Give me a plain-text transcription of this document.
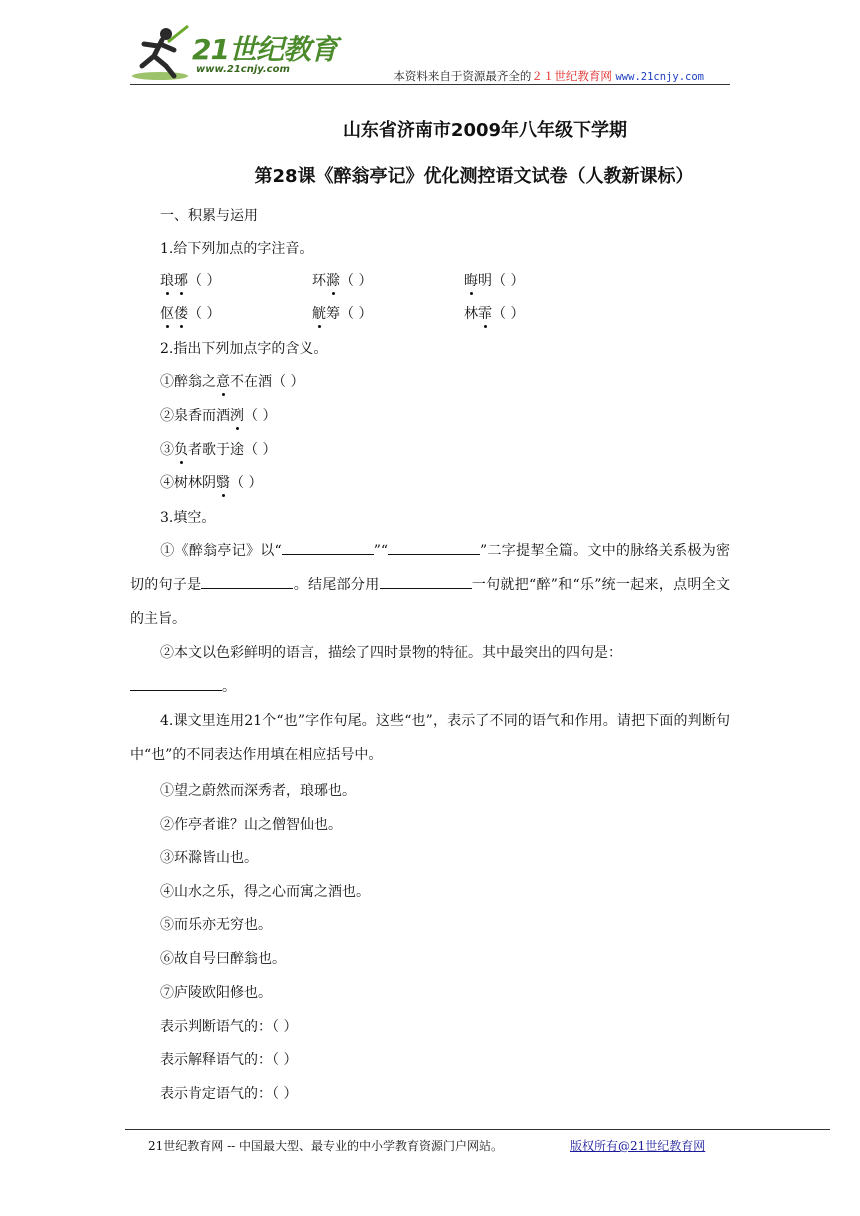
21世纪教育
www.21cnjy.com	本资料来自于资源最齐全的２１世纪教育网 www.21cnjy.com
山东省济南市2009年八年级下学期
第28课《醉翁亭记》优化测控语文试卷（人教新课标）
一、积累与运用
1.给下列加点的字注音。
琅琊（ ）	环滁（ ）	晦明（ ）
伛偻（ ）	觥筹（ ）	林霏（ ）
2.指出下列加点字的含义。
①醉翁之意不在酒（ ）
②泉香而酒洌（ ）
③负者歌于途（ ）
④树林阴翳（ ）
3.填空。
①《醉翁亭记》以“	”“	”二字提挈全篇。文中的脉络关系极为密切的句子是	。结尾部分用	一句就把“醉”和“乐”统一起来，点明全文的主旨。
②本文以色彩鲜明的语言，描绘了四时景物的特征。其中最突出的四句是：
。
4.课文里连用21个“也”字作句尾。这些“也”，表示了不同的语气和作用。请把下面的判断句中“也”的不同表达作用填在相应括号中。
①望之蔚然而深秀者，琅琊也。
②作亭者谁？山之僧智仙也。
③环滁皆山也。
④山水之乐，得之心而寓之酒也。
⑤而乐亦无穷也。
⑥故自号曰醉翁也。
⑦庐陵欧阳修也。
表示判断语气的：（ ）
表示解释语气的：（ ）
表示肯定语气的：（ ）
21世纪教育网 -- 中国最大型、最专业的中小学教育资源门户网站。	版权所有@21世纪教育网
